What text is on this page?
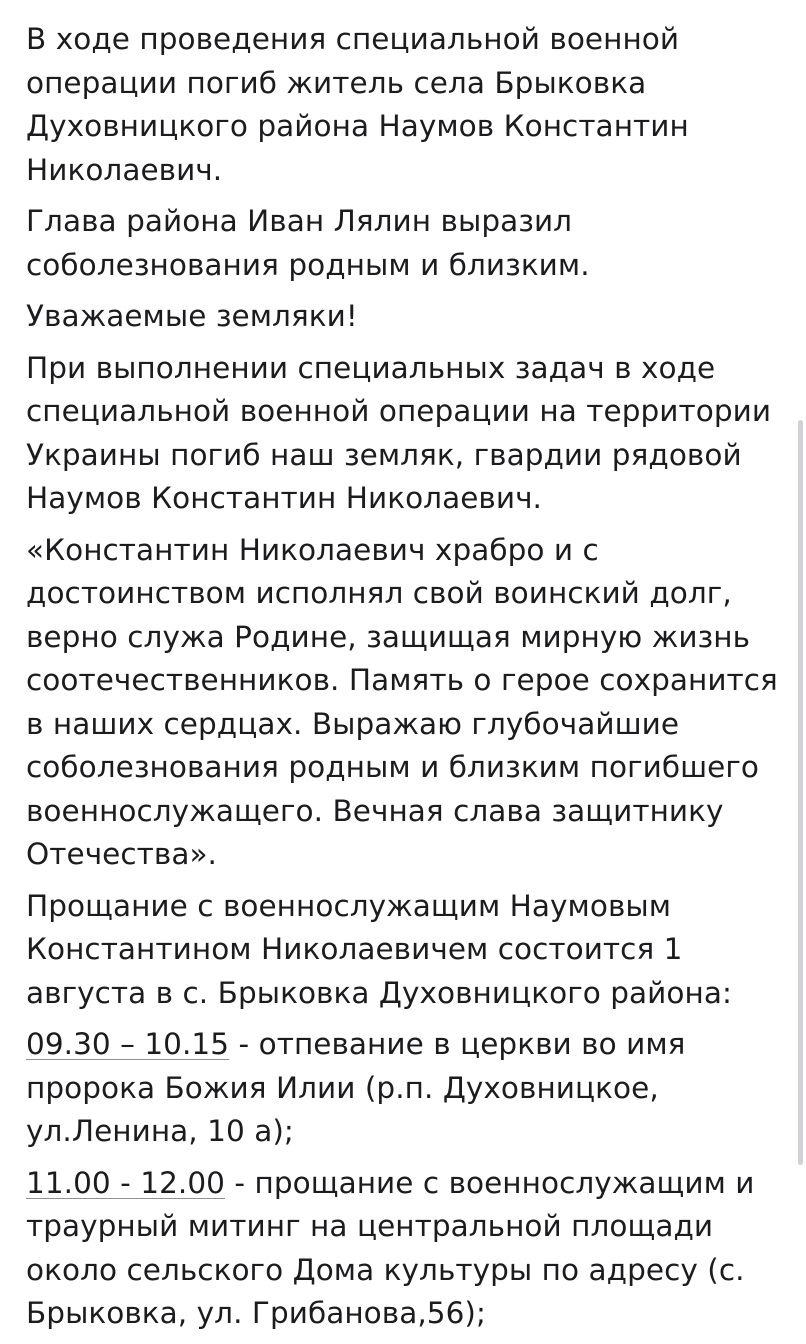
В ходе проведения специальной военной операции погиб житель села Брыковка Духовницкого района Наумов Константин Николаевич.

Глава района Иван Лялин выразил соболезнования родным и близким.

Уважаемые земляки!

При выполнении специальных задач в ходе специальной военной операции на территории Украины погиб наш земляк, гвардии рядовой Наумов Константин Николаевич.

«Константин Николаевич храбро и с достоинством исполнял свой воинский долг, верно служа Родине, защищая мирную жизнь соотечественников. Память о герое сохранится в наших сердцах. Выражаю глубочайшие соболезнования родным и близким погибшего военнослужащего. Вечная слава защитнику Отечества».

Прощание с военнослужащим Наумовым Константином Николаевичем состоится 1 августа в с. Брыковка Духовницкого района:

09.30 – 10.15 - отпевание в церкви во имя пророка Божия Илии (р.п. Духовницкое, ул.Ленина, 10 а);

11.00 - 12.00 - прощание с военнослужащим и траурный митинг на центральной площади около сельского Дома культуры по адресу (с. Брыковка, ул. Грибанова,56);
